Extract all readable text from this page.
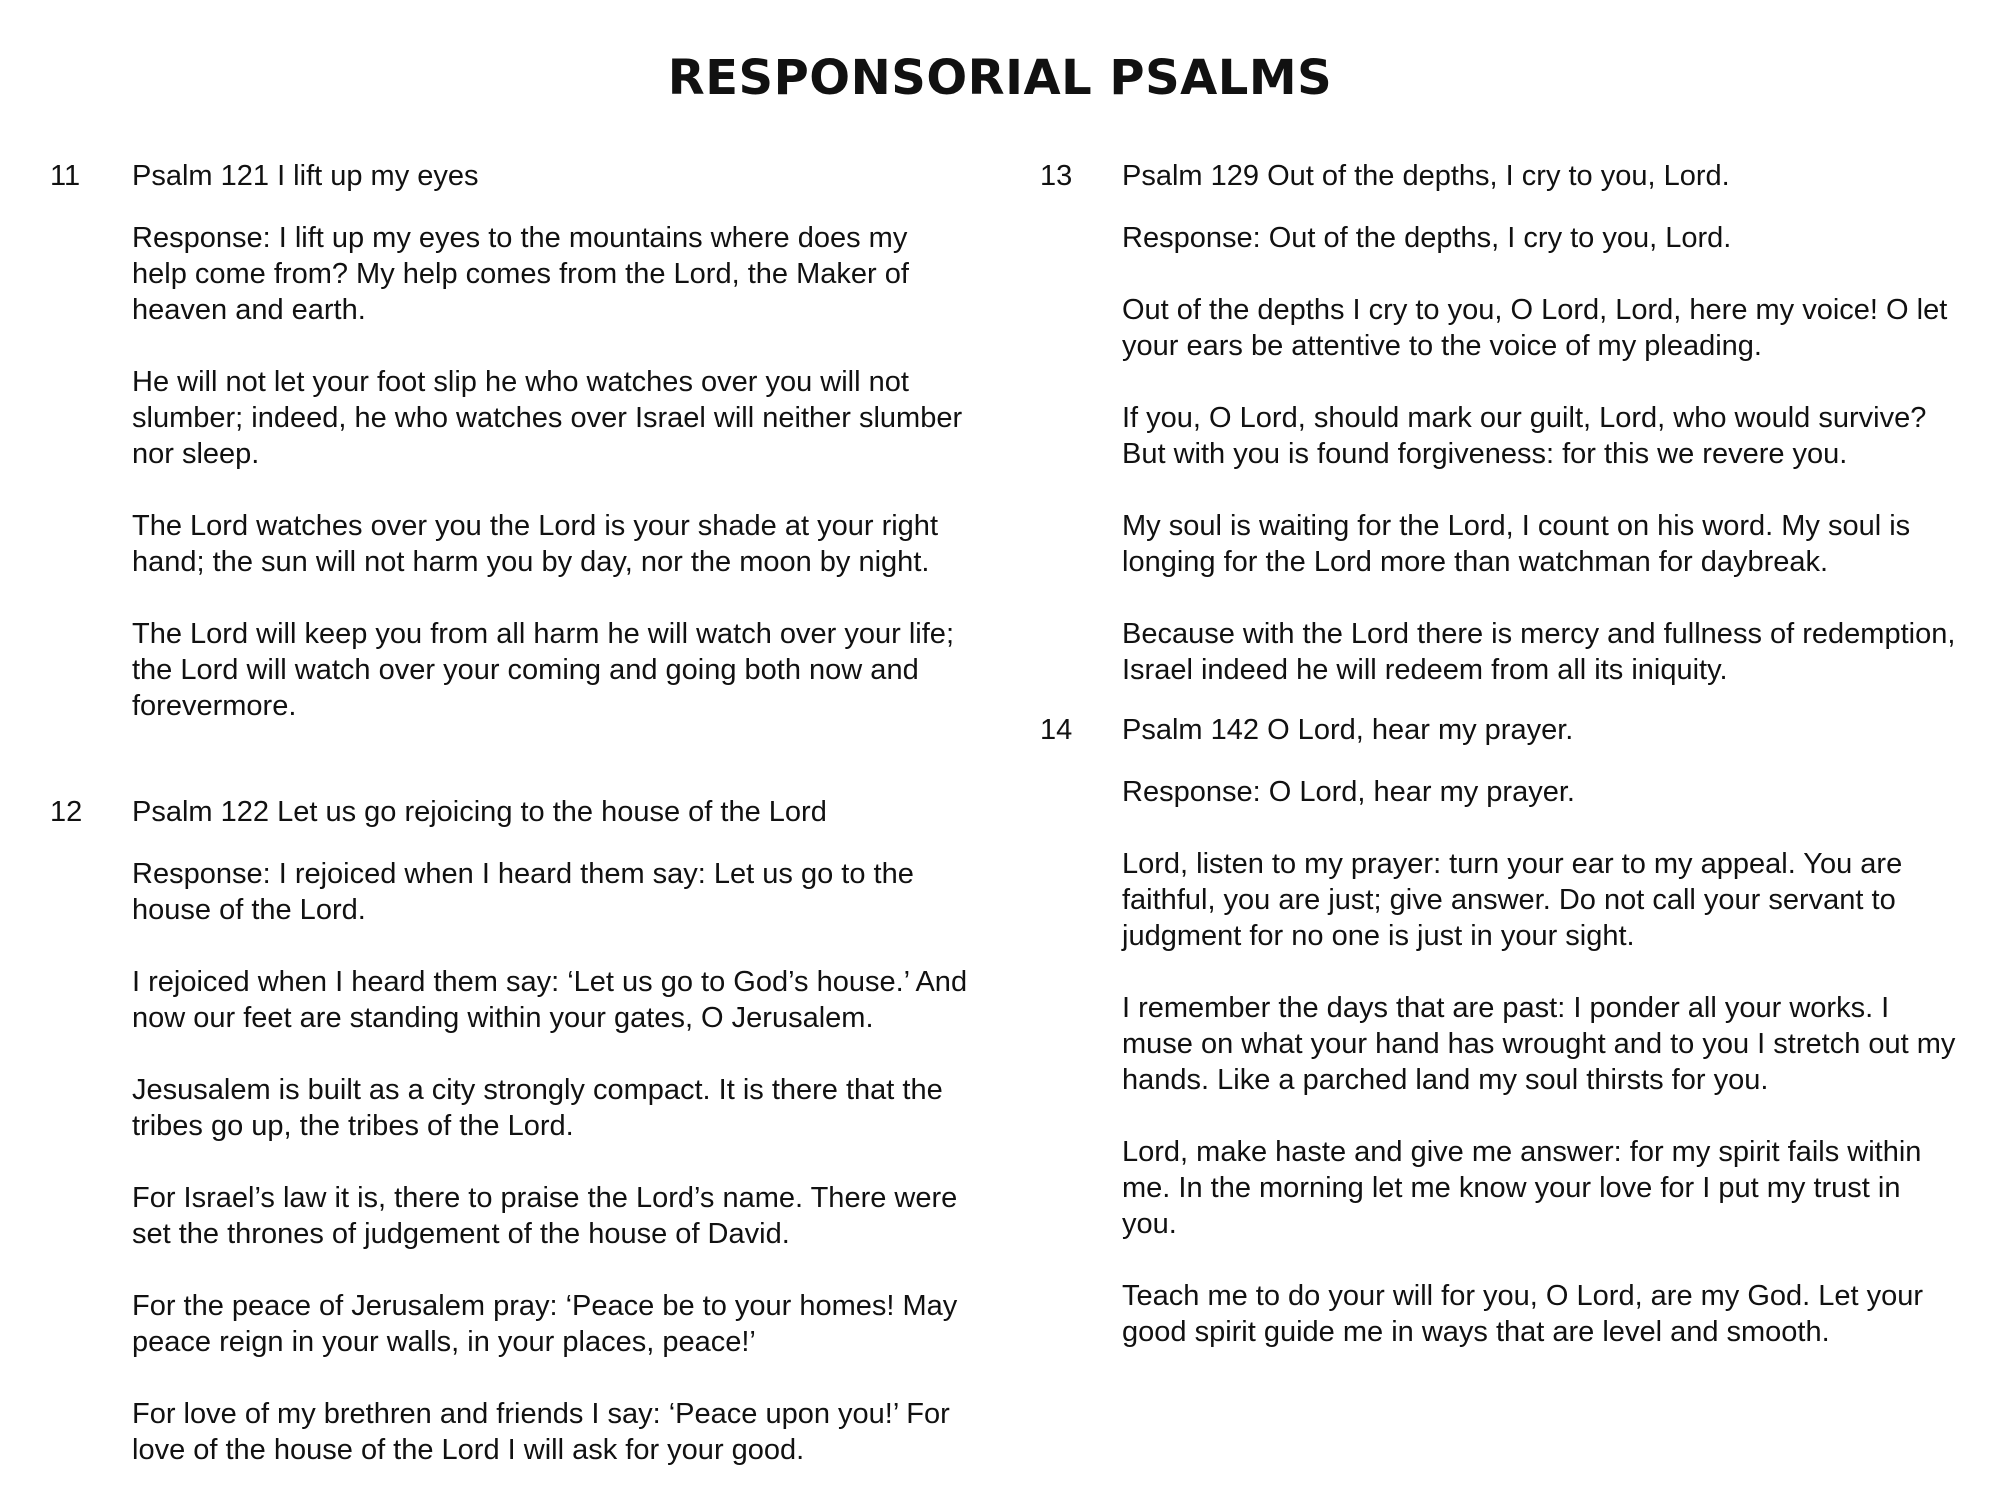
RESPONSORIAL PSALMS
11 Psalm 121 I lift up my eyes

Response: I lift up my eyes to the mountains where does my help come from? My help comes from the Lord, the Maker of heaven and earth.

He will not let your foot slip he who watches over you will not slumber; indeed, he who watches over Israel will neither slumber nor sleep.

The Lord watches over you the Lord is your shade at your right hand; the sun will not harm you by day, nor the moon by night.

The Lord will keep you from all harm he will watch over your life; the Lord will watch over your coming and going both now and forevermore.

12 Psalm 122 Let us go rejoicing to the house of the Lord

Response: I rejoiced when I heard them say: Let us go to the house of the Lord.

I rejoiced when I heard them say: ‘Let us go to God’s house.’ And now our feet are standing within your gates, O Jerusalem.

Jesusalem is built as a city strongly compact. It is there that the tribes go up, the tribes of the Lord.

For Israel’s law it is, there to praise the Lord’s name. There were set the thrones of judgement of the house of David.

For the peace of Jerusalem pray: ‘Peace be to your homes! May peace reign in your walls, in your places, peace!’

For love of my brethren and friends I say: ‘Peace upon you!’ For love of the house of the Lord I will ask for your good.

13 Psalm 129 Out of the depths, I cry to you, Lord.

Response: Out of the depths, I cry to you, Lord.

Out of the depths I cry to you, O Lord, Lord, here my voice! O let your ears be attentive to the voice of my pleading.

If you, O Lord, should mark our guilt, Lord, who would survive? But with you is found forgiveness: for this we revere you.

My soul is waiting for the Lord, I count on his word. My soul is longing for the Lord more than watchman for daybreak.

Because with the Lord there is mercy and fullness of redemption, Israel indeed he will redeem from all its iniquity.

14 Psalm 142 O Lord, hear my prayer.

Response: O Lord, hear my prayer.

Lord, listen to my prayer: turn your ear to my appeal. You are faithful, you are just; give answer. Do not call your servant to judgment for no one is just in your sight.

I remember the days that are past: I ponder all your works. I muse on what your hand has wrought and to you I stretch out my hands. Like a parched land my soul thirsts for you.

Lord, make haste and give me answer: for my spirit fails within me. In the morning let me know your love for I put my trust in you.

Teach me to do your will for you, O Lord, are my God. Let your good spirit guide me in ways that are level and smooth.
